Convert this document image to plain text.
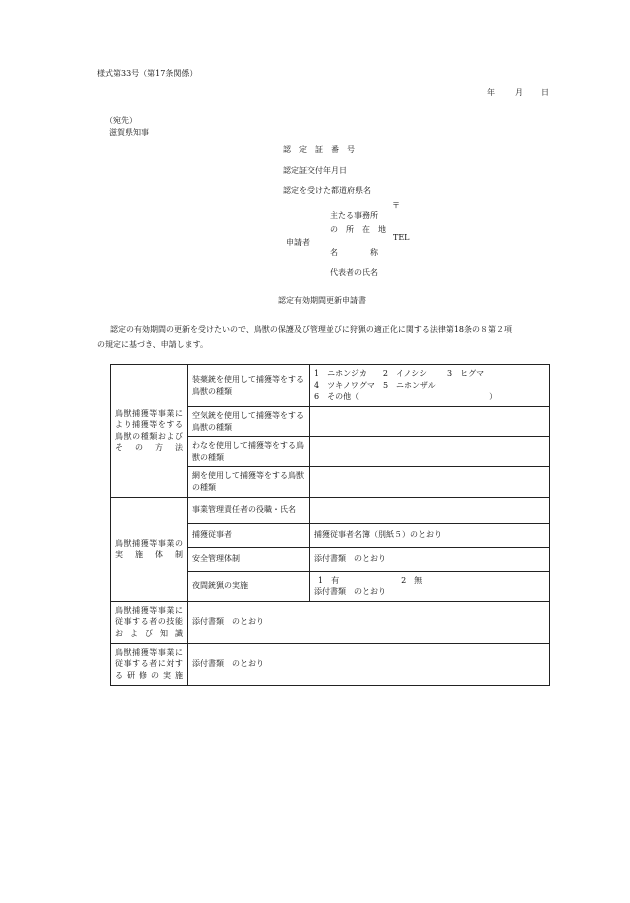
様式第33号（第17条関係）
年	月 日
（宛先）
滋賀県知事
認　定　証　番　号
認定証交付年月日
認定を受けた都道府県名
申請者
主たる事務所
の　所　在　地
〒
TEL
名　　　　称
代表者の氏名
認定有効期間更新申請書
認定の有効期間の更新を受けたいので、鳥獣の保護及び管理並びに狩猟の適正化に関する法律第18条の８第２項
の規定に基づき、申請します。
鳥獣捕獲等事業により捕獲等をする鳥獣の種類およびその方法	装薬銃を使用して捕獲等をする鳥獣の種類	1　ニホンジカ 2　イノシシ 3　ヒグマ
4　ツキノワグマ 5　ニホンザル
6　その他（ ）

	空気銃を使用して捕獲等をする鳥獣の種類	
	わなを使用して捕獲等をする鳥獣の種類	
	網を使用して捕獲等をする鳥獣の種類	
鳥獣捕獲等事業の実施体制	事業管理責任者の役職・氏名	
	捕獲従事者	捕獲従事者名簿（別紙５）のとおり
	安全管理体制	添付書類　のとおり
	夜間銃猟の実施	1　有 2　無
添付書類　のとおり

鳥獣捕獲等事業に従事する者の技能および知識	添付書類　のとおり	
鳥獣捕獲等事業に従事する者に対する研修の実施	添付書類　のとおり	
